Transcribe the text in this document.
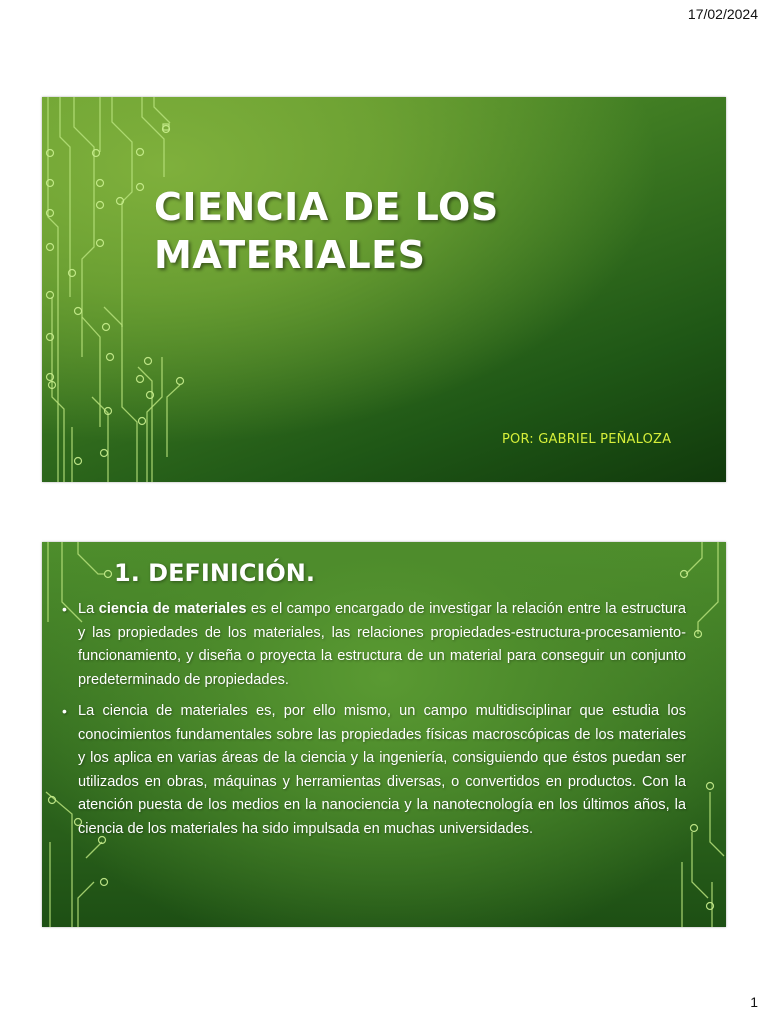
17/02/2024
CIENCIA DE LOS MATERIALES

POR: GABRIEL PEÑALOZA

1. DEFINICIÓN.
• La ciencia de materiales es el campo encargado de investigar la relación entre la estructura y las propiedades de los materiales, las relaciones propiedades-estructura-procesamiento-funcionamiento, y diseña o proyecta la estructura de un material para conseguir un conjunto predeterminado de propiedades.
• La ciencia de materiales es, por ello mismo, un campo multidisciplinar que estudia los conocimientos fundamentales sobre las propiedades físicas macroscópicas de los materiales y los aplica en varias áreas de la ciencia y la ingeniería, consiguiendo que éstos puedan ser utilizados en obras, máquinas y herramientas diversas, o convertidos en productos. Con la atención puesta de los medios en la nanociencia y la nanotecnología en los últimos años, la ciencia de los materiales ha sido impulsada en muchas universidades.
1
